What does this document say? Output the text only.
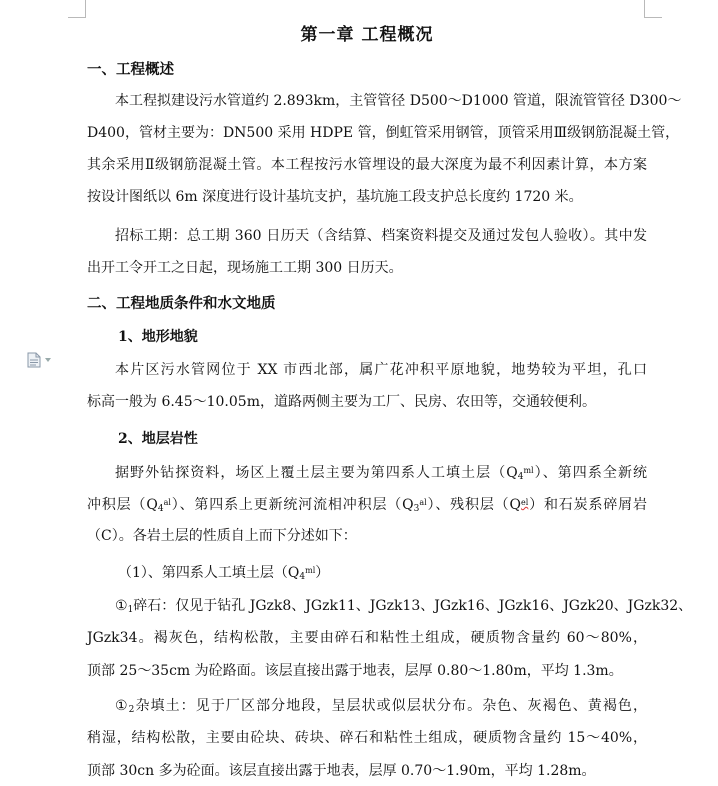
第一章 工程概况
一、工程概述
本工程拟建设污水管道约 2.893km，主管管径 D500～D1000 管道，限流管管径 D300～
D400，管材主要为：DN500 采用 HDPE 管，倒虹管采用钢管，顶管采用Ⅲ级钢筋混凝土管，
其余采用Ⅱ级钢筋混凝土管。本工程按污水管埋设的最大深度为最不利因素计算，本方案
按设计图纸以 6m 深度进行设计基坑支护，基坑施工段支护总长度约 1720 米。
招标工期：总工期 360 日历天（含结算、档案资料提交及通过发包人验收）。其中发
出开工令开工之日起，现场施工工期 300 日历天。
二、工程地质条件和水文地质
1、地形地貌
本片区污水管网位于 XX 市西北部，属广花冲积平原地貌，地势较为平坦，孔口
标高一般为 6.45～10.05m，道路两侧主要为工厂、民房、农田等，交通较便利。
2、地层岩性
据野外钻探资料，场区上覆土层主要为第四系人工填土层$(Q_4^{ml})$、第四系全新统
冲积层$(Q_4^{al})$、第四系上更新统河流相冲积层$(Q_3^{al})$、残积层$(Q^{el})$和石炭系碎屑岩
（C）。各岩土层的性质自上而下分述如下：
（1）、第四系人工填土层$(Q_4^{ml})$
$①_1$碎石：仅见于钻孔 JGzk8、JGzk11、JGzk13、JGzk16、JGzk16、JGzk20、JGzk32、
JGzk34。褐灰色，结构松散，主要由碎石和粘性土组成，硬质物含量约 60～80%，
顶部 25～35cm 为砼路面。该层直接出露于地表，层厚 0.80～1.80m，平均 1.3m。
$①_2$杂填土：见于厂区部分地段，呈层状或似层状分布。杂色、灰褐色、黄褐色，
稍湿，结构松散，主要由砼块、砖块、碎石和粘性土组成，硬质物含量约 15～40%，
顶部 30cn 多为砼面。该层直接出露于地表，层厚 0.70～1.90m，平均 1.28m。
